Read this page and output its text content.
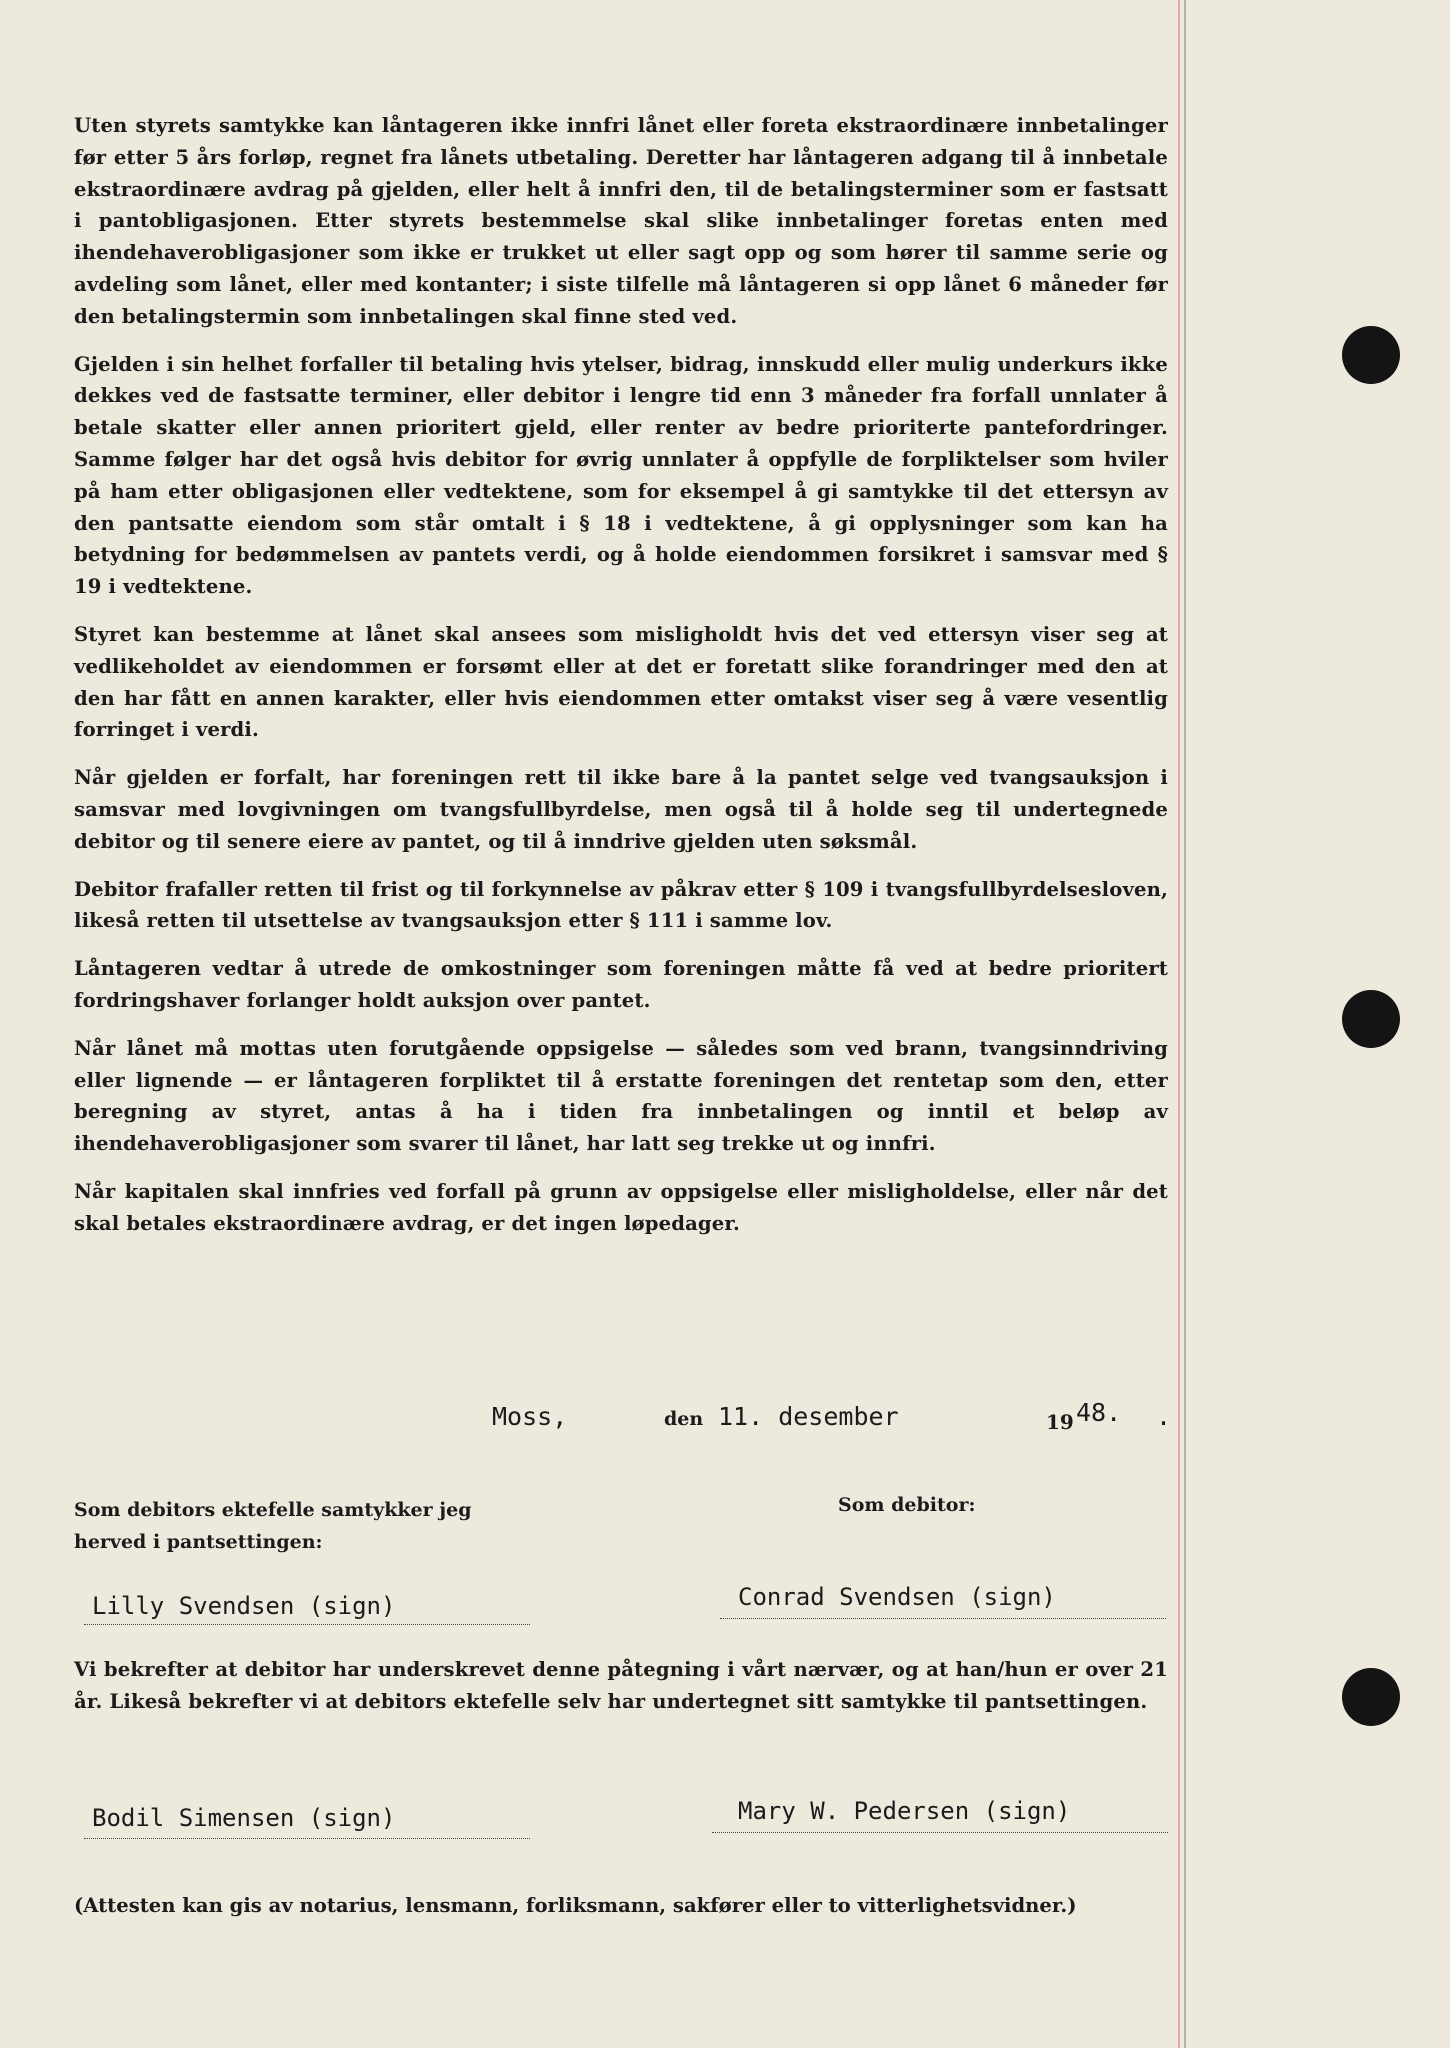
Uten styrets samtykke kan låntageren ikke innfri lånet eller foreta ekstraordinære innbetalinger før etter 5 års forløp, regnet fra lånets utbetaling. Deretter har låntageren adgang til å innbetale ekstraordinære avdrag på gjelden, eller helt å innfri den, til de betalingsterminer som er fastsatt i pantobligasjonen. Etter styrets bestemmelse skal slike innbetalinger foretas enten med ihendehaverobligasjoner som ikke er trukket ut eller sagt opp og som hører til samme serie og avdeling som lånet, eller med kontanter; i siste tilfelle må låntageren si opp lånet 6 måneder før den betalingstermin som innbetalingen skal finne sted ved.

Gjelden i sin helhet forfaller til betaling hvis ytelser, bidrag, innskudd eller mulig underkurs ikke dekkes ved de fastsatte terminer, eller debitor i lengre tid enn 3 måneder fra forfall unnlater å betale skatter eller annen prioritert gjeld, eller renter av bedre prioriterte pantefordringer. Samme følger har det også hvis debitor for øvrig unnlater å oppfylle de forpliktelser som hviler på ham etter obligasjonen eller vedtektene, som for eksempel å gi samtykke til det ettersyn av den pantsatte eiendom som står omtalt i § 18 i vedtektene, å gi opplysninger som kan ha betydning for bedømmelsen av pantets verdi, og å holde eiendommen forsikret i samsvar med § 19 i vedtektene.

Styret kan bestemme at lånet skal ansees som misligholdt hvis det ved ettersyn viser seg at vedlikeholdet av eiendommen er forsømt eller at det er foretatt slike forandringer med den at den har fått en annen karakter, eller hvis eiendommen etter omtakst viser seg å være vesentlig forringet i verdi.

Når gjelden er forfalt, har foreningen rett til ikke bare å la pantet selge ved tvangsauksjon i samsvar med lovgivningen om tvangsfullbyrdelse, men også til å holde seg til undertegnede debitor og til senere eiere av pantet, og til å inndrive gjelden uten søksmål.

Debitor frafaller retten til frist og til forkynnelse av påkrav etter § 109 i tvangsfullbyrdelsesloven, likeså retten til utsettelse av tvangsauksjon etter § 111 i samme lov.

Låntageren vedtar å utrede de omkostninger som foreningen måtte få ved at bedre prioritert fordringshaver forlanger holdt auksjon over pantet.

Når lånet må mottas uten forutgående oppsigelse — således som ved brann, tvangsinndriving eller lignende — er låntageren forpliktet til å erstatte foreningen det rentetap som den, etter beregning av styret, antas å ha i tiden fra innbetalingen og inntil et beløp av ihendehaverobligasjoner som svarer til lånet, har latt seg trekke ut og innfri.

Når kapitalen skal innfries ved forfall på grunn av oppsigelse eller misligholdelse, eller når det skal betales ekstraordinære avdrag, er det ingen løpedager.

Moss,	den 11. desember	19 48. .
Som debitors ektefelle samtykker jeg herved i pantsettingen:
Som debitor:
Lilly Svendsen (sign)	Conrad Svendsen (sign)

Vi bekrefter at debitor har underskrevet denne påtegning i vårt nærvær, og at han/hun er over 21 år. Likeså bekrefter vi at debitors ektefelle selv har undertegnet sitt samtykke til pantsettingen.

Bodil Simensen (sign)	Mary W. Pedersen (sign)
(Attesten kan gis av notarius, lensmann, forliksmann, sakfører eller to vitterlighetsvidner.)
